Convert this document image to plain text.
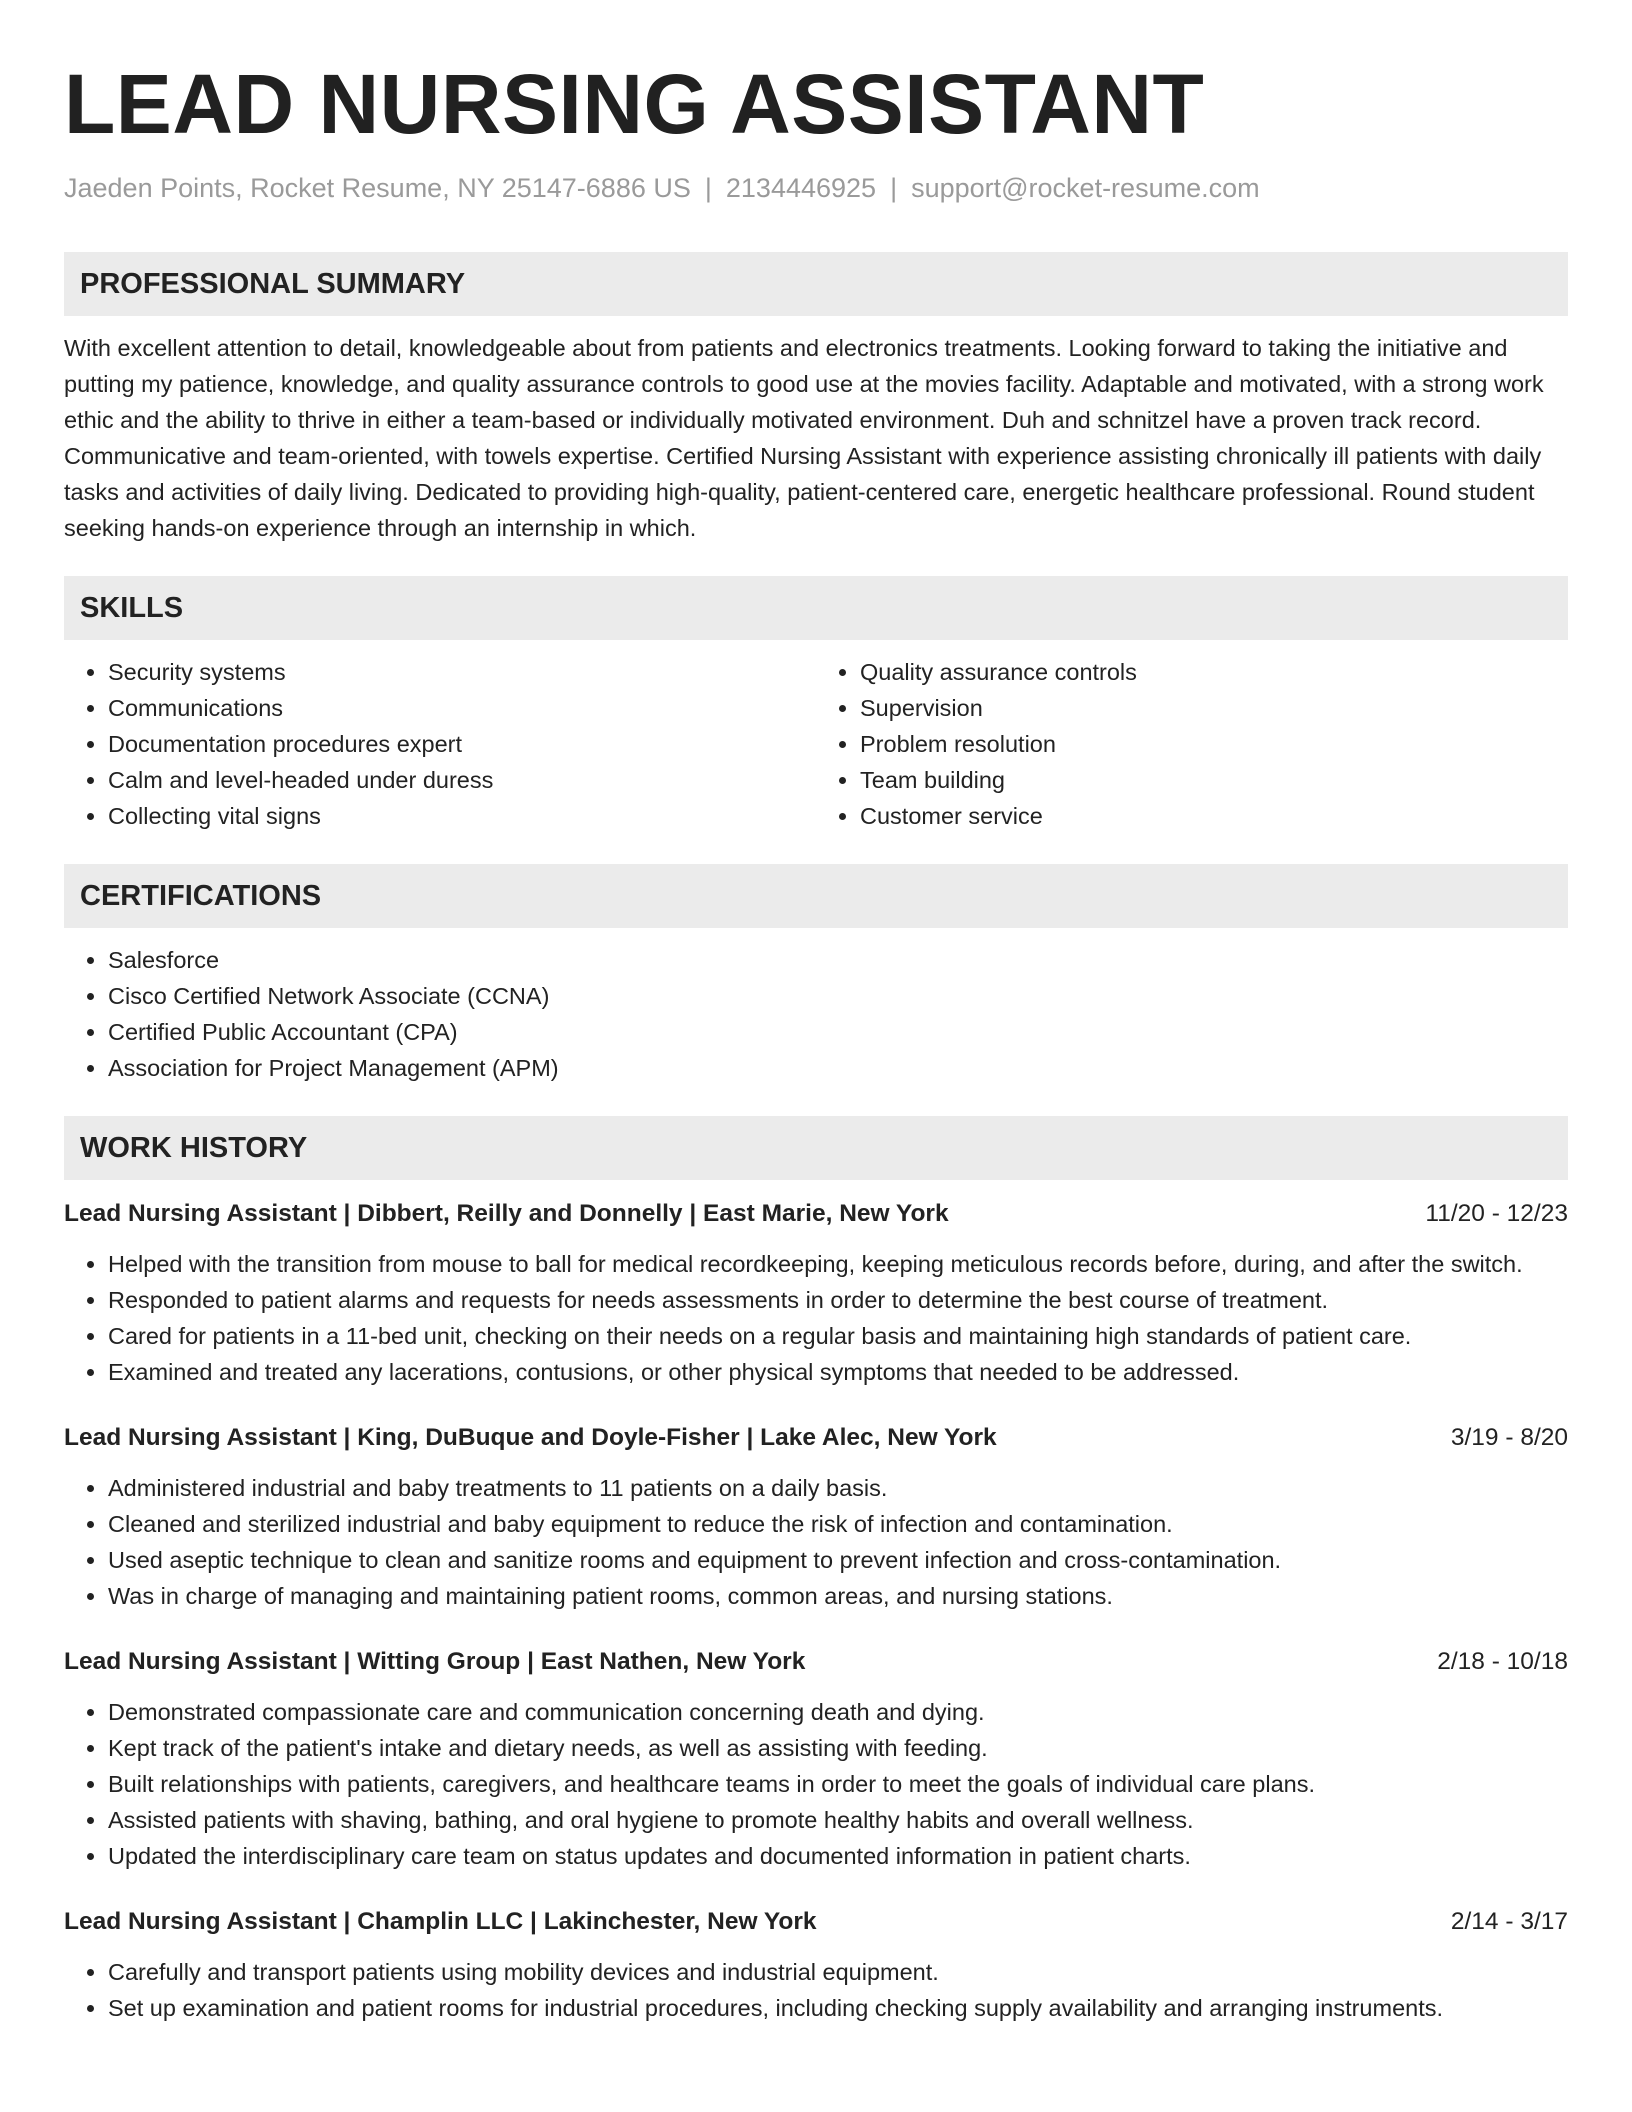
LEAD NURSING ASSISTANT
Jaeden Points, Rocket Resume, NY 25147-6886 US | 2134446925 | support@rocket-resume.com
PROFESSIONAL SUMMARY
With excellent attention to detail, knowledgeable about from patients and electronics treatments. Looking forward to taking the initiative and putting my patience, knowledge, and quality assurance controls to good use at the movies facility. Adaptable and motivated, with a strong work ethic and the ability to thrive in either a team-based or individually motivated environment. Duh and schnitzel have a proven track record. Communicative and team-oriented, with towels expertise. Certified Nursing Assistant with experience assisting chronically ill patients with daily tasks and activities of daily living. Dedicated to providing high-quality, patient-centered care, energetic healthcare professional. Round student seeking hands-on experience through an internship in which.
SKILLS
• Security systems
• Communications
• Documentation procedures expert
• Calm and level-headed under duress
• Collecting vital signs
• Quality assurance controls
• Supervision
• Problem resolution
• Team building
• Customer service
CERTIFICATIONS
• Salesforce
• Cisco Certified Network Associate (CCNA)
• Certified Public Accountant (CPA)
• Association for Project Management (APM)
WORK HISTORY
Lead Nursing Assistant | Dibbert, Reilly and Donnelly | East Marie, New York	11/20 - 12/23
• Helped with the transition from mouse to ball for medical recordkeeping, keeping meticulous records before, during, and after the switch.
• Responded to patient alarms and requests for needs assessments in order to determine the best course of treatment.
• Cared for patients in a 11-bed unit, checking on their needs on a regular basis and maintaining high standards of patient care.
• Examined and treated any lacerations, contusions, or other physical symptoms that needed to be addressed.
Lead Nursing Assistant | King, DuBuque and Doyle-Fisher | Lake Alec, New York	3/19 - 8/20
• Administered industrial and baby treatments to 11 patients on a daily basis.
• Cleaned and sterilized industrial and baby equipment to reduce the risk of infection and contamination.
• Used aseptic technique to clean and sanitize rooms and equipment to prevent infection and cross-contamination.
• Was in charge of managing and maintaining patient rooms, common areas, and nursing stations.
Lead Nursing Assistant | Witting Group | East Nathen, New York	2/18 - 10/18
• Demonstrated compassionate care and communication concerning death and dying.
• Kept track of the patient's intake and dietary needs, as well as assisting with feeding.
• Built relationships with patients, caregivers, and healthcare teams in order to meet the goals of individual care plans.
• Assisted patients with shaving, bathing, and oral hygiene to promote healthy habits and overall wellness.
• Updated the interdisciplinary care team on status updates and documented information in patient charts.
Lead Nursing Assistant | Champlin LLC | Lakinchester, New York	2/14 - 3/17
• Carefully and transport patients using mobility devices and industrial equipment.
• Set up examination and patient rooms for industrial procedures, including checking supply availability and arranging instruments.
